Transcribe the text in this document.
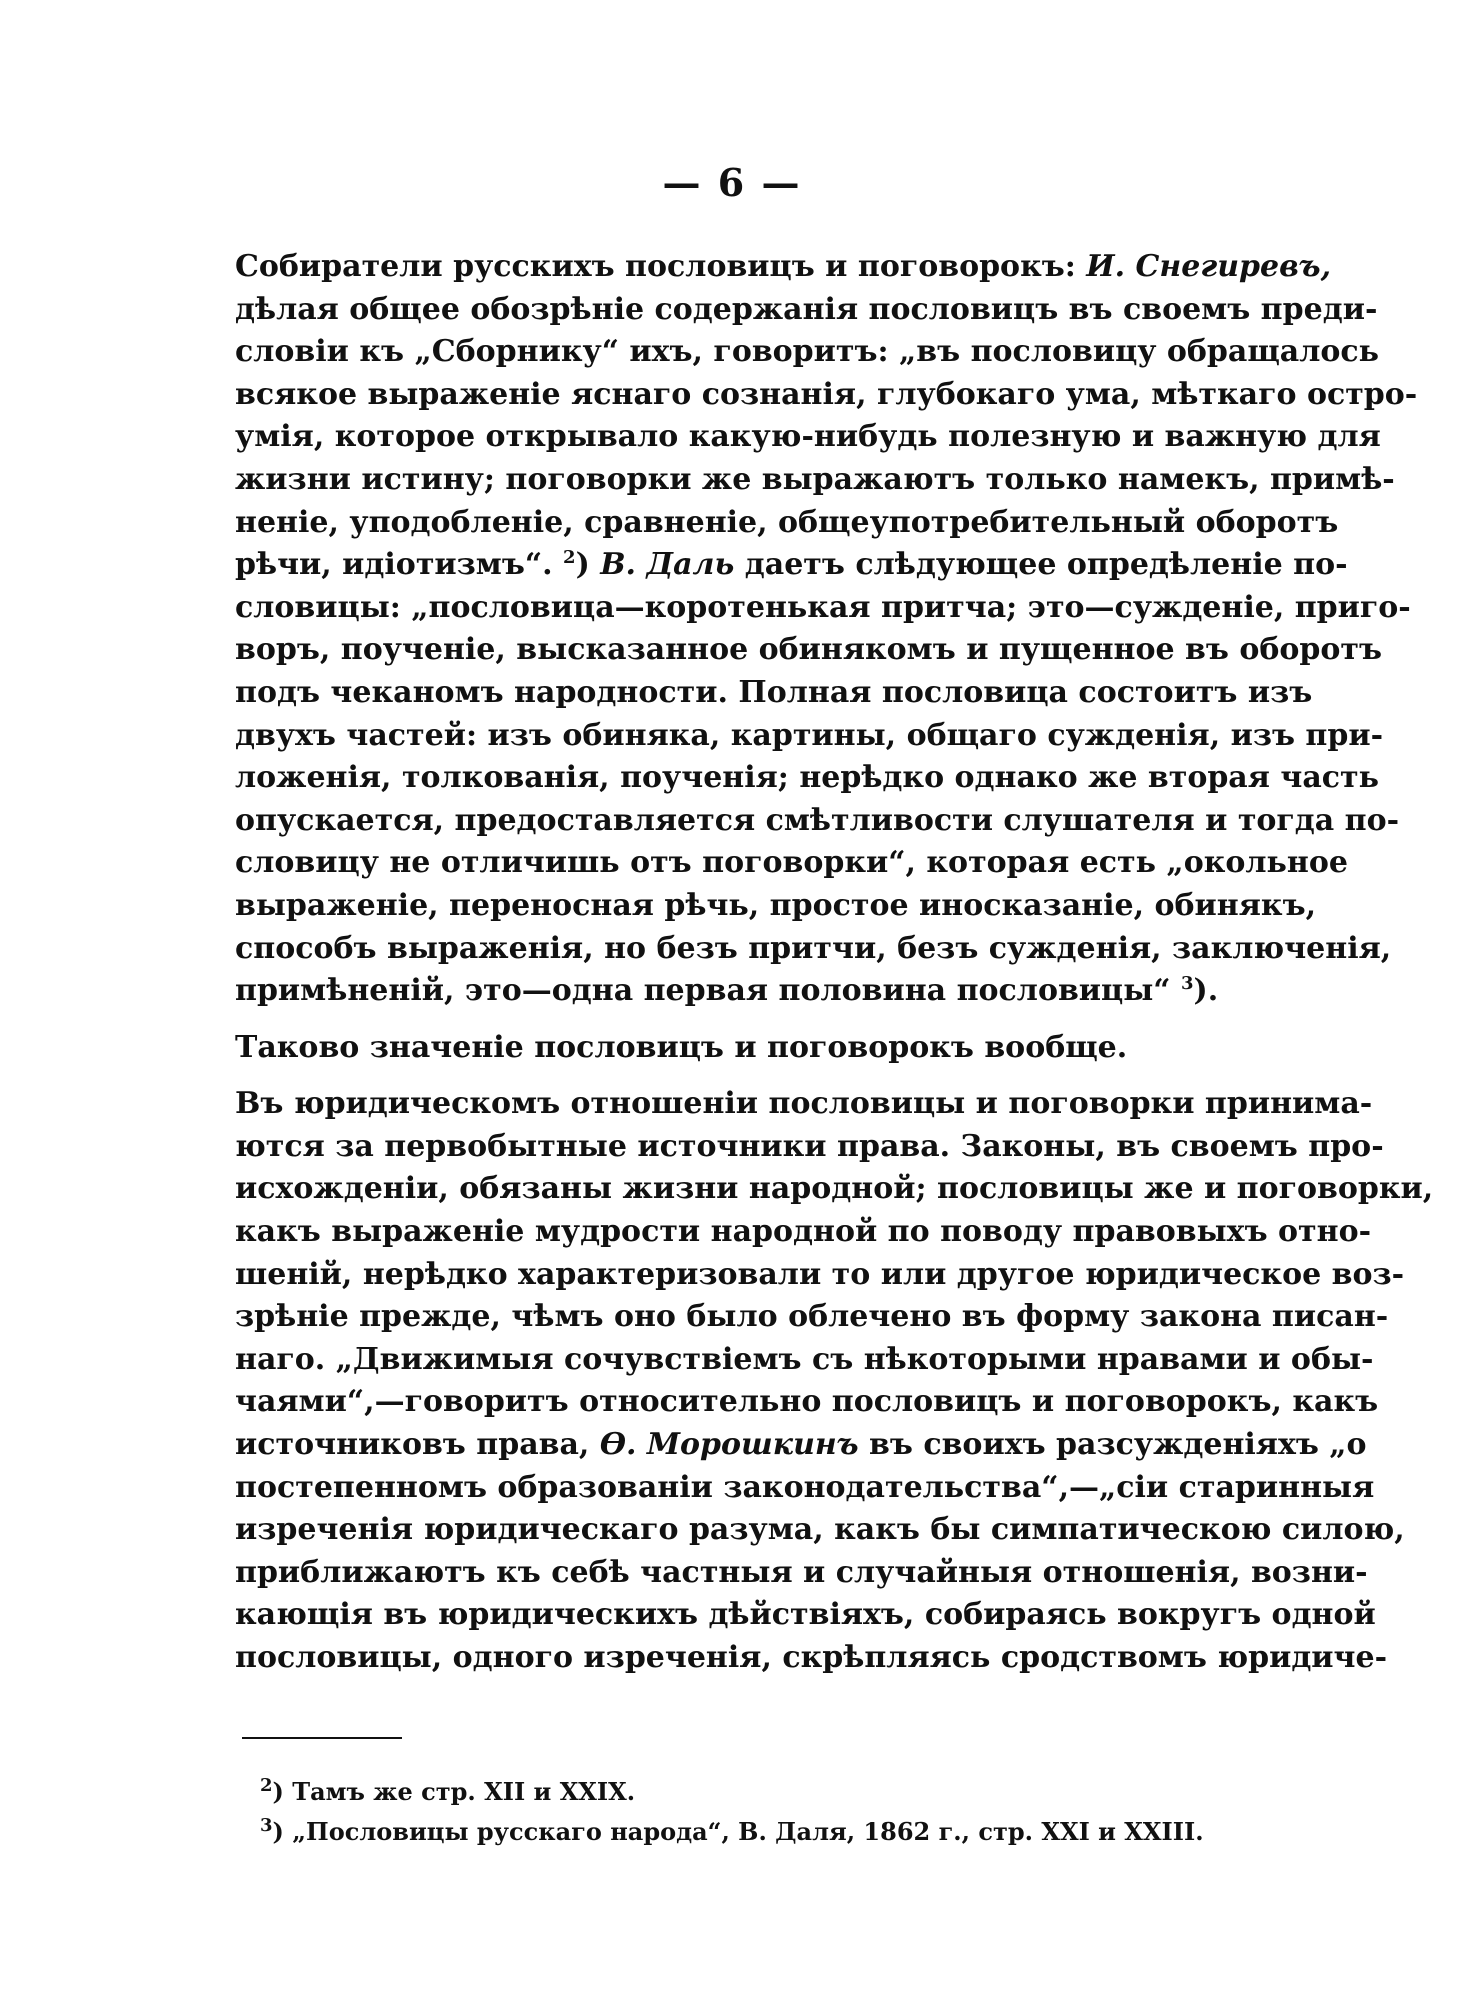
— 6 —
Собиратели русскихъ пословицъ и поговорокъ: И. Снегиревъ,
дѣлая общее обозрѣніе содержанія пословицъ въ своемъ преди-
словіи къ „Сборнику“ ихъ, говоритъ: „въ пословицу обращалось
всякое выраженіе яснаго сознанія, глубокаго ума, мѣткаго остро-
умія, которое открывало какую-нибудь полезную и важную для
жизни истину; поговорки же выражаютъ только намекъ, примѣ-
неніе, уподобленіе, сравненіе, общеупотребительный оборотъ
рѣчи, идіотизмъ“. $^2$) В. Даль даетъ слѣдующее опредѣленіе по-
словицы: „пословица—коротенькая притча; это—сужденіе, приго-
воръ, поученіе, высказанное обинякомъ и пущенное въ оборотъ
подъ чеканомъ народности. Полная пословица состоитъ изъ
двухъ частей: изъ обиняка, картины, общаго сужденія, изъ при-
ложенія, толкованія, поученія; нерѣдко однако же вторая часть
опускается, предоставляется смѣтливости слушателя и тогда по-
словицу не отличишь отъ поговорки“, которая есть „окольное
выраженіе, переносная рѣчь, простое иносказаніе, обинякъ,
способъ выраженія, но безъ притчи, безъ сужденія, заключенія,
примѣненій, это—одна первая половина пословицы“ $^3$).
Таково значеніе пословицъ и поговорокъ вообще.
Въ юридическомъ отношеніи пословицы и поговорки принима-
ются за первобытные источники права. Законы, въ своемъ про-
исхожденіи, обязаны жизни народной; пословицы же и поговорки,
какъ выраженіе мудрости народной по поводу правовыхъ отно-
шеній, нерѣдко характеризовали то или другое юридическое воз-
зрѣніе прежде, чѣмъ оно было облечено въ форму закона писан-
наго. „Движимыя сочувствіемъ съ нѣкоторыми нравами и обы-
чаями“,—говоритъ относительно пословицъ и поговорокъ, какъ
источниковъ права, Ѳ. Морошкинъ въ своихъ разсужденіяхъ „о
постепенномъ образованіи законодательства“,—„сіи старинныя
изреченія юридическаго разума, какъ бы симпатическою силою,
приближаютъ къ себѣ частныя и случайныя отношенія, возни-
кающія въ юридическихъ дѣйствіяхъ, собираясь вокругъ одной
пословицы, одного изреченія, скрѣпляясь сродствомъ юридиче-
$^2$) Тамъ же стр. XII и XXIX.
$^3$) „Пословицы русскаго народа“, В. Даля, 1862 г., стр. XXI и XXIII.
